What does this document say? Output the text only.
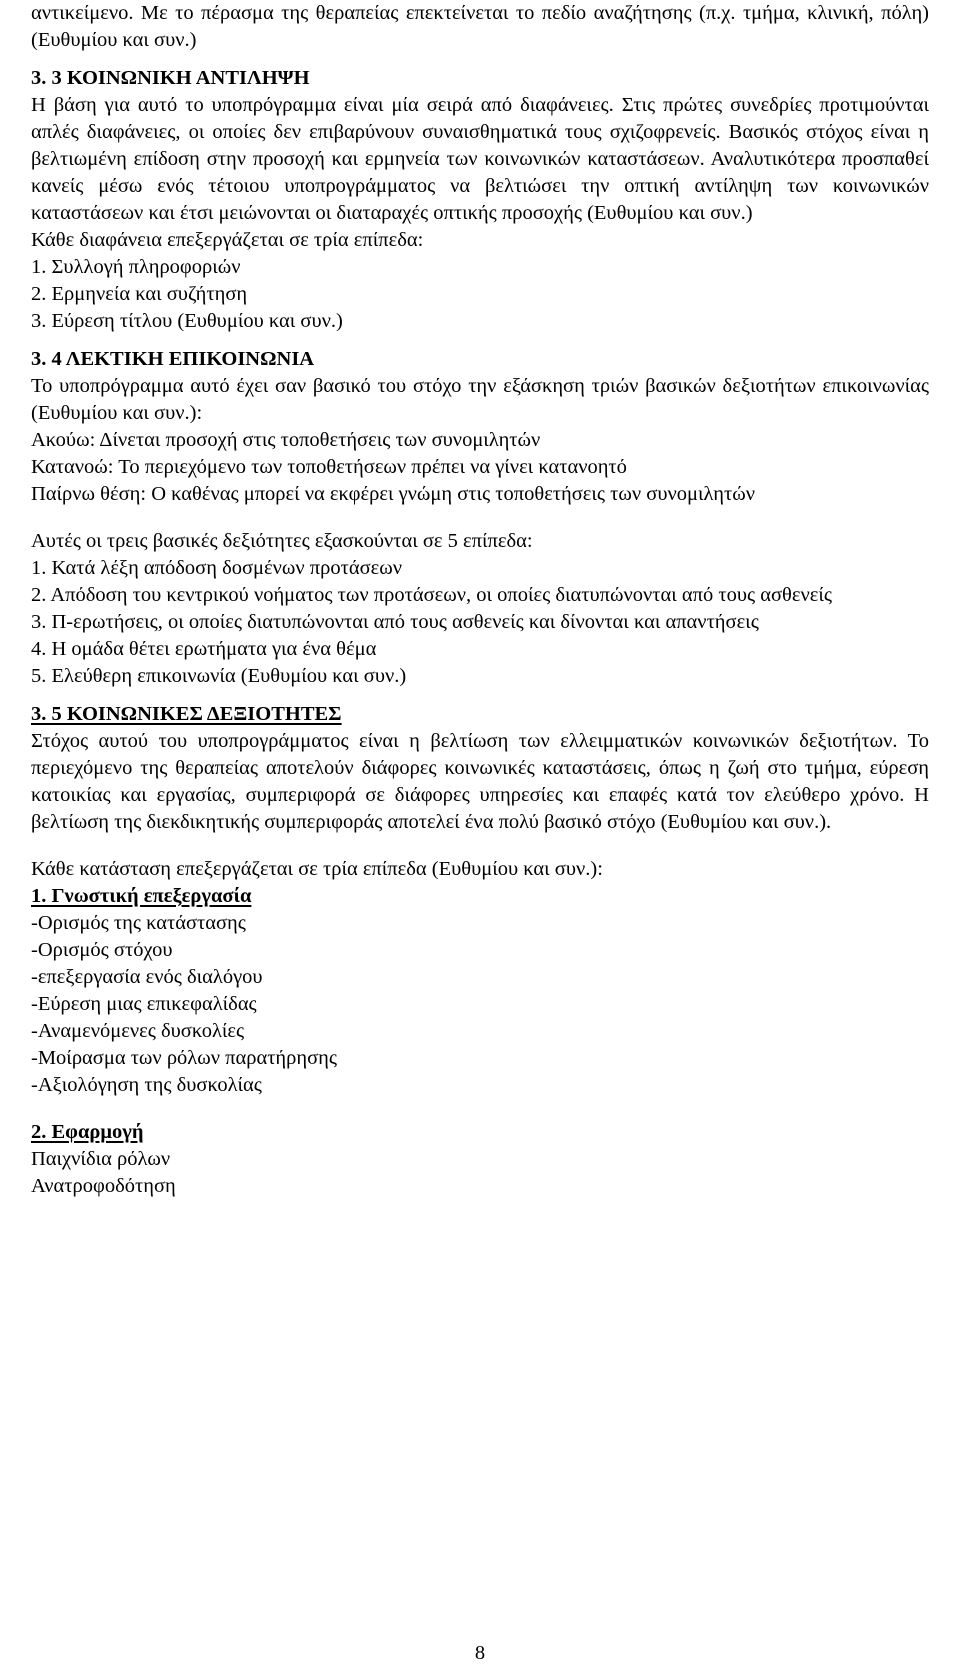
αντικείμενο. Με το πέρασμα της θεραπείας επεκτείνεται το πεδίο αναζήτησης (π.χ. τμήμα, κλινική, πόλη) (Ευθυμίου και συν.)

3. 3 ΚΟΙΝΩΝΙΚΗ ΑΝΤΙΛΗΨΗ

Η βάση για αυτό το υποπρόγραμμα είναι μία σειρά από διαφάνειες. Στις πρώτες συνεδρίες προτιμούνται απλές διαφάνειες, οι οποίες δεν επιβαρύνουν συναισθηματικά τους σχιζοφρενείς. Βασικός στόχος είναι η βελτιωμένη επίδοση στην προσοχή και ερμηνεία των κοινωνικών καταστάσεων. Αναλυτικότερα προσπαθεί κανείς μέσω ενός τέτοιου υποπρογράμματος να βελτιώσει την οπτική αντίληψη των κοινωνικών καταστάσεων και έτσι μειώνονται οι διαταραχές οπτικής προσοχής (Ευθυμίου και συν.)

Κάθε διαφάνεια επεξεργάζεται σε τρία επίπεδα:

1. Συλλογή πληροφοριών

2. Ερμηνεία και συζήτηση

3. Εύρεση τίτλου (Ευθυμίου και συν.)

3. 4 ΛΕΚΤΙΚΗ ΕΠΙΚΟΙΝΩΝΙΑ

Το υποπρόγραμμα αυτό έχει σαν βασικό του στόχο την εξάσκηση τριών βασικών δεξιοτήτων επικοινωνίας (Ευθυμίου και συν.):

Ακούω: Δίνεται προσοχή στις τοποθετήσεις των συνομιλητών

Κατανοώ: Το περιεχόμενο των τοποθετήσεων πρέπει να γίνει κατανοητό

Παίρνω θέση: Ο καθένας μπορεί να εκφέρει γνώμη στις τοποθετήσεις των συνομιλητών

Αυτές οι τρεις βασικές δεξιότητες εξασκούνται σε 5 επίπεδα:

1. Κατά λέξη απόδοση δοσμένων προτάσεων

2. Απόδοση του κεντρικού νοήματος των προτάσεων, οι οποίες διατυπώνονται από τους ασθενείς

3. Π-ερωτήσεις, οι οποίες διατυπώνονται από τους ασθενείς και δίνονται και απαντήσεις

4. Η ομάδα θέτει ερωτήματα για ένα θέμα

5. Ελεύθερη επικοινωνία (Ευθυμίου και συν.)

3. 5 ΚΟΙΝΩΝΙΚΕΣ ΔΕΞΙΟΤΗΤΕΣ

Στόχος αυτού του υποπρογράμματος είναι η βελτίωση των ελλειμματικών κοινωνικών δεξιοτήτων. Το περιεχόμενο της θεραπείας αποτελούν διάφορες κοινωνικές καταστάσεις, όπως η ζωή στο τμήμα, εύρεση κατοικίας και εργασίας, συμπεριφορά σε διάφορες υπηρεσίες και επαφές κατά τον ελεύθερο χρόνο. Η βελτίωση της διεκδικητικής συμπεριφοράς αποτελεί ένα πολύ βασικό στόχο (Ευθυμίου και συν.).

Κάθε κατάσταση επεξεργάζεται σε τρία επίπεδα (Ευθυμίου και συν.):

1. Γνωστική επεξεργασία

-Ορισμός της κατάστασης

-Ορισμός στόχου

-επεξεργασία ενός διαλόγου

-Εύρεση μιας επικεφαλίδας

-Αναμενόμενες δυσκολίες

-Μοίρασμα των ρόλων παρατήρησης

-Αξιολόγηση της δυσκολίας

2. Εφαρμογή

Παιχνίδια ρόλων

Ανατροφοδότηση

8
